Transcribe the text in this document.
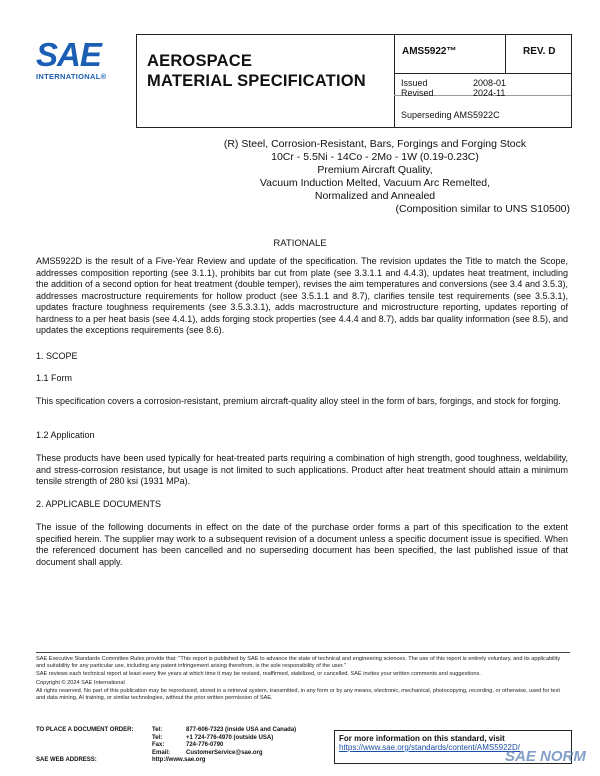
SAE
INTERNATIONAL®
AEROSPACE
MATERIAL SPECIFICATION
AMS5922™	REV. D
Issued	2008-01
Revised	2024-11
Superseding AMS5922C
(R) Steel, Corrosion-Resistant, Bars, Forgings and Forging Stock
10Cr - 5.5Ni - 14Co - 2Mo - 1W (0.19-0.23C)
Premium Aircraft Quality,
Vacuum Induction Melted, Vacuum Arc Remelted,
Normalized and Annealed
(Composition similar to UNS S10500)
RATIONALE
AMS5922D is the result of a Five-Year Review and update of the specification. The revision updates the Title to match the Scope, addresses composition reporting (see 3.1.1), prohibits bar cut from plate (see 3.3.1.1 and 4.4.3), updates heat treatment, including the addition of a second option for heat treatment (double temper), revises the aim temperatures and conversions (see 3.4 and 3.5.3), addresses macrostructure requirements for hollow product (see 3.5.1.1 and 8.7), clarifies tensile test requirements (see 3.5.3.1), updates fracture toughness requirements (see 3.5.3.3.1), adds macrostructure and microstructure reporting, updates reporting of hardness to a per heat basis (see 4.4.1), adds forging stock properties (see 4.4.4 and 8.7), adds bar quality information (see 8.5), and updates the exceptions requirements (see 8.6).
1. SCOPE
1.1 Form
This specification covers a corrosion-resistant, premium aircraft-quality alloy steel in the form of bars, forgings, and stock for forging.
1.2 Application
These products have been used typically for heat-treated parts requiring a combination of high strength, good toughness, weldability, and stress-corrosion resistance, but usage is not limited to such applications. Product after heat treatment should attain a minimum tensile strength of 280 ksi (1931 MPa).
2. APPLICABLE DOCUMENTS
The issue of the following documents in effect on the date of the purchase order forms a part of this specification to the extent specified herein. The supplier may work to a subsequent revision of a document unless a specific document issue is specified. When the referenced document has been cancelled and no superseding document has been specified, the last published issue of that document shall apply.
SAE Executive Standards Committee Rules provide that: "This report is published by SAE to advance the state of technical and engineering sciences. The use of this report is entirely voluntary, and its applicability and suitability for any particular use, including any patent infringement arising therefrom, is the sole responsibility of the user."
SAE reviews each technical report at least every five years at which time it may be revised, reaffirmed, stabilized, or cancelled. SAE invites your written comments and suggestions.
Copyright © 2024 SAE International
All rights reserved. No part of this publication may be reproduced, stored in a retrieval system, transmitted, in any form or by any means, electronic, mechanical, photocopying, recording, or otherwise, used for text and data mining, AI training, or similar technologies, without the prior written permission of SAE.
TO PLACE A DOCUMENT ORDER:	Tel:	877-606-7323 (inside USA and Canada)
Tel:	+1 724-776-4970 (outside USA)
Fax:	724-776-0790
Email:	CustomerService@sae.org
SAE WEB ADDRESS:	http://www.sae.org
For more information on this standard, visit
https://www.sae.org/standards/content/AMS5922D/
SAE NORM
